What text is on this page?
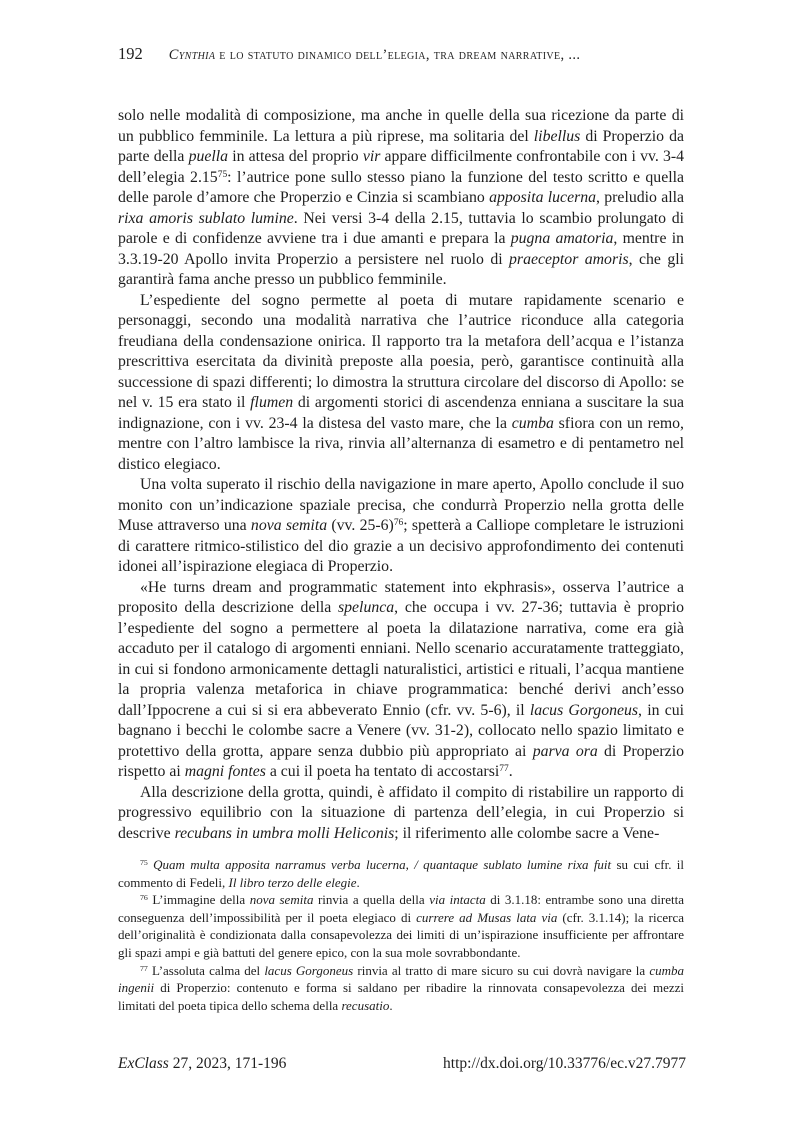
192 Cynthia e lo statuto dinamico dell’elegia, tra dream narrative, ...

solo nelle modalità di composizione, ma anche in quelle della sua ricezione da parte di un pubblico femminile. La lettura a più riprese, ma solitaria del libellus di Properzio da parte della puella in attesa del proprio vir appare difficilmente confrontabile con i vv. 3-4 dell’elegia 2.15$^{75}$: l’autrice pone sullo stesso piano la funzione del testo scritto e quella delle parole d’amore che Properzio e Cinzia si scambiano apposita lucerna, preludio alla rixa amoris sublato lumine. Nei versi 3-4 della 2.15, tuttavia lo scambio prolungato di parole e di confidenze avviene tra i due amanti e prepara la pugna amatoria, mentre in 3.3.19-20 Apollo invita Properzio a persistere nel ruolo di praeceptor amoris, che gli garantirà fama anche presso un pubblico femminile.

L’espediente del sogno permette al poeta di mutare rapidamente scenario e personaggi, secondo una modalità narrativa che l’autrice riconduce alla categoria freudiana della condensazione onirica. Il rapporto tra la metafora dell’acqua e l’istanza prescrittiva esercitata da divinità preposte alla poesia, però, garantisce continuità alla successione di spazi differenti; lo dimostra la struttura circolare del discorso di Apollo: se nel v. 15 era stato il flumen di argomenti storici di ascendenza enniana a suscitare la sua indignazione, con i vv. 23-4 la distesa del vasto mare, che la cumba sfiora con un remo, mentre con l’altro lambisce la riva, rinvia all’alternanza di esametro e di pentametro nel distico elegiaco.

Una volta superato il rischio della navigazione in mare aperto, Apollo conclude il suo monito con un’indicazione spaziale precisa, che condurrà Properzio nella grotta delle Muse attraverso una nova semita (vv. 25-6)$^{76}$; spetterà a Calliope completare le istruzioni di carattere ritmico-stilistico del dio grazie a un decisivo approfondimento dei contenuti idonei all’ispirazione elegiaca di Properzio.

«He turns dream and programmatic statement into ekphrasis», osserva l’autrice a proposito della descrizione della spelunca, che occupa i vv. 27-36; tuttavia è proprio l’espediente del sogno a permettere al poeta la dilatazione narrativa, come era già accaduto per il catalogo di argomenti enniani. Nello scenario accuratamente tratteggiato, in cui si fondono armonicamente dettagli naturalistici, artistici e rituali, l’acqua mantiene la propria valenza metaforica in chiave programmatica: benché derivi anch’esso dall’Ippocrene a cui si si era abbeverato Ennio (cfr. vv. 5-6), il lacus Gorgoneus, in cui bagnano i becchi le colombe sacre a Venere (vv. 31-2), collocato nello spazio limitato e protettivo della grotta, appare senza dubbio più appropriato ai parva ora di Properzio rispetto ai magni fontes a cui il poeta ha tentato di accostarsi$^{77}$.

Alla descrizione della grotta, quindi, è affidato il compito di ristabilire un rapporto di progressivo equilibrio con la situazione di partenza dell’elegia, in cui Properzio si descrive recubans in umbra molli Heliconis; il riferimento alle colombe sacre a Vene-

$^{75}$ Quam multa apposita narramus verba lucerna, / quantaque sublato lumine rixa fuit su cui cfr. il commento di Fedeli, Il libro terzo delle elegie.

$^{76}$ L’immagine della nova semita rinvia a quella della via intacta di 3.1.18: entrambe sono una diretta conseguenza dell’impossibilità per il poeta elegiaco di currere ad Musas lata via (cfr. 3.1.14); la ricerca dell’originalità è condizionata dalla consapevolezza dei limiti di un’ispirazione insufficiente per affrontare gli spazi ampi e già battuti del genere epico, con la sua mole sovrabbondante.

$^{77}$ L’assoluta calma del lacus Gorgoneus rinvia al tratto di mare sicuro su cui dovrà navigare la cumba ingenii di Properzio: contenuto e forma si saldano per ribadire la rinnovata consapevolezza dei mezzi limitati del poeta tipica dello schema della recusatio.

ExClass 27, 2023, 171-196	http://dx.doi.org/10.33776/ec.v27.7977
